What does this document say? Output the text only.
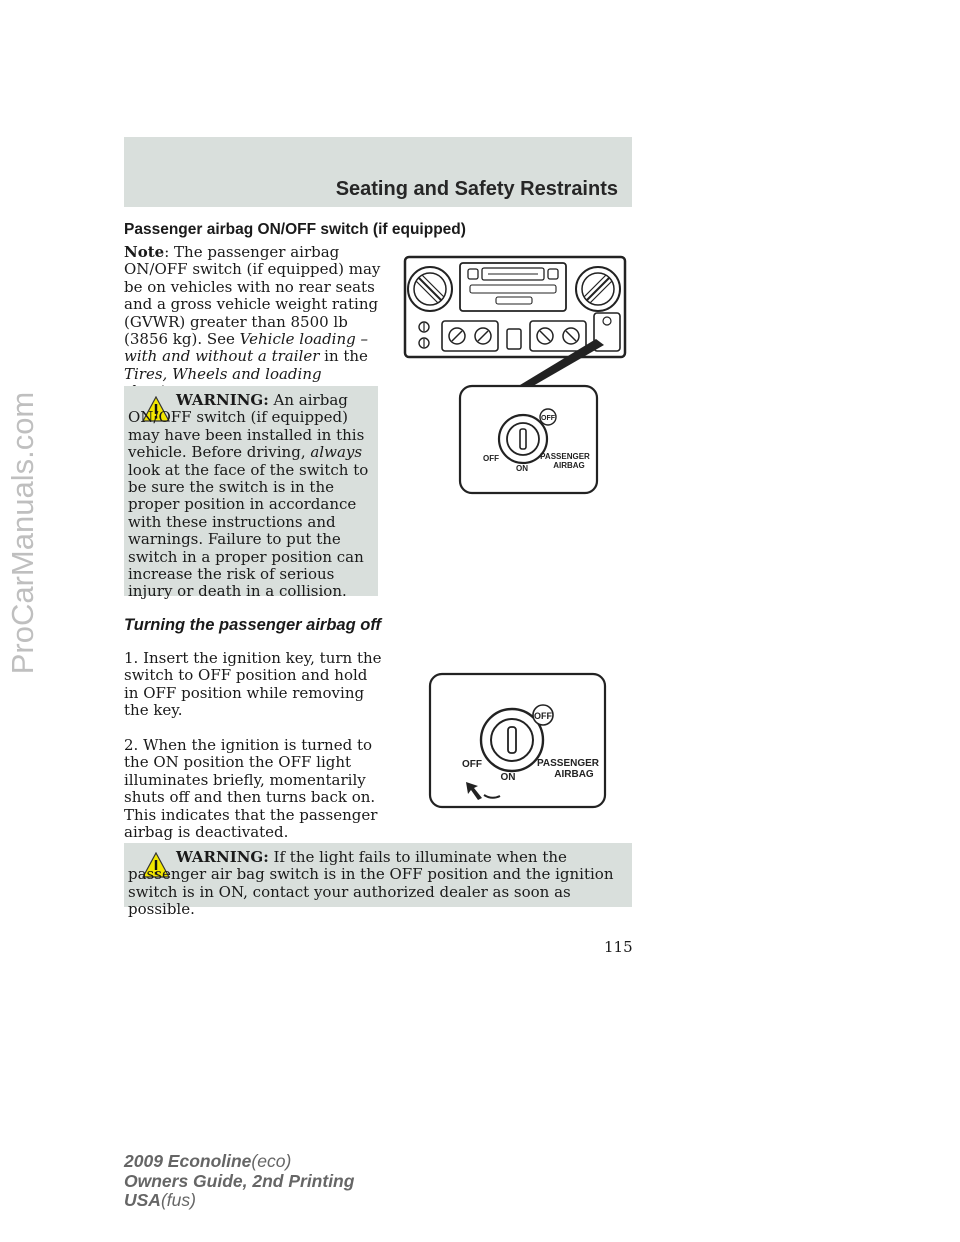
Seating and Safety Restraints
ProCarManuals.com
Passenger airbag ON/OFF switch (if equipped)
Note: The passenger airbag ON/OFF switch (if equipped) may be on vehicles with no rear seats and a gross vehicle weight rating (GVWR) greater than 8500 lb (3856 kg). See Vehicle loading – with and without a trailer in the Tires, Wheels and loading
WARNING: An airbag ON/OFF switch (if equipped) may have been installed in this vehicle. Before driving, always look at the face of the switch to be sure the switch is in the proper position in accordance with these instructions and warnings. Failure to put the switch in a proper position can increase the risk of serious injury or death in a collision.
Turning the passenger airbag off

1. Insert the ignition key, turn the switch to OFF position and hold in OFF position while removing the key.

2. When the ignition is turned to the ON position the OFF light illuminates briefly, momentarily shuts off and then turns back on. This indicates that the passenger airbag is deactivated.

OFF
OFF
ON
PASSENGER
AIRBAG
OFF
OFF
ON
PASSENGER
AIRBAG
WARNING: If the light fails to illuminate when the passenger air bag switch is in the OFF position and the ignition switch is in ON, contact your authorized dealer as soon as possible.
115
2009 Econoline(eco)
Owners Guide, 2nd Printing
USA(fus)
